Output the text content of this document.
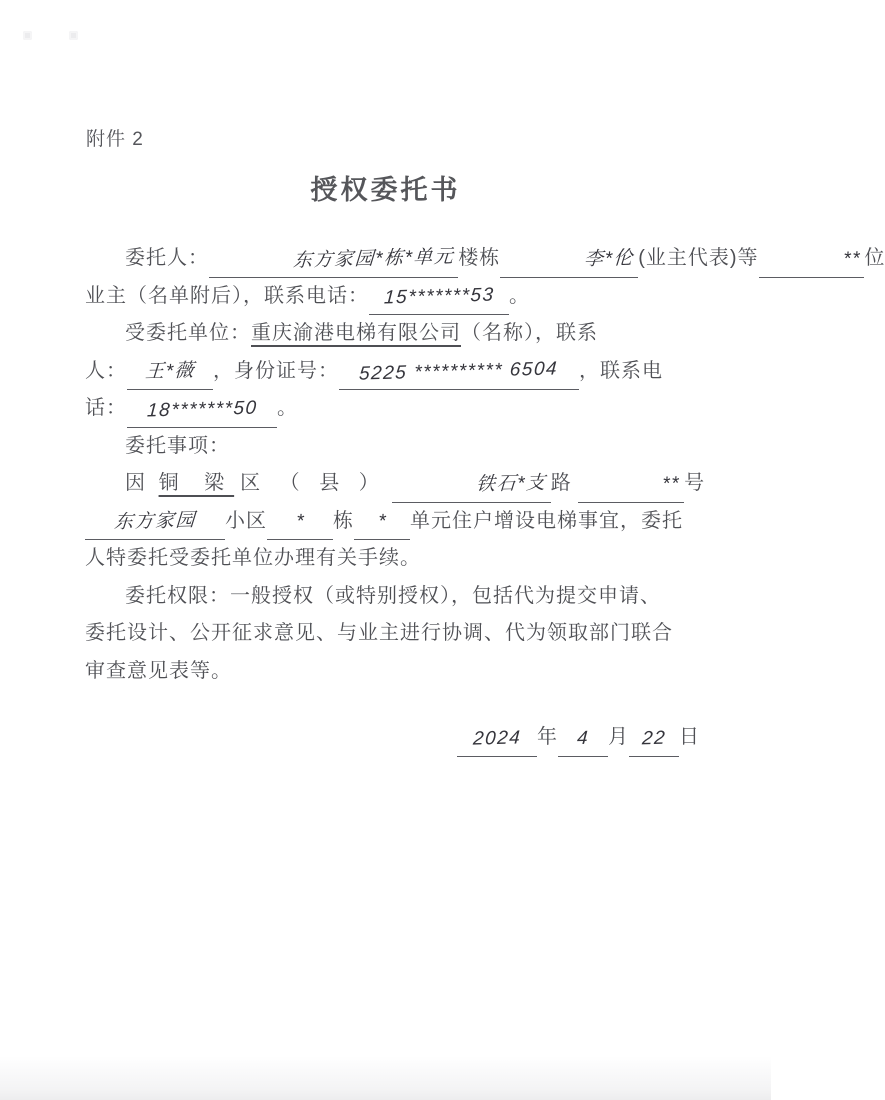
附件 2
授权委托书
委托人：	东方家园*栋*单元 楼栋	李*伦 (业主代表)等	** 位
业主（名单附后），联系电话： 15*******53 。
受委托单位：重庆渝港电梯有限公司（名称），联系
人： 王*薇 ，身份证号： 5225 ********** 6504 ，联系电
话： 18*******50 。
委托事项：
因 铜 梁 区 （ 县 ）	铁石*支 路	** 号
东方家园 小区 * 栋 * 单元住户增设电梯事宜，委托
人特委托受委托单位办理有关手续。
委托权限：一般授权（或特别授权），包括代为提交申请、
委托设计、公开征求意见、与业主进行协调、代为领取部门联合
审查意见表等。
2024 年 4 月 22 日
